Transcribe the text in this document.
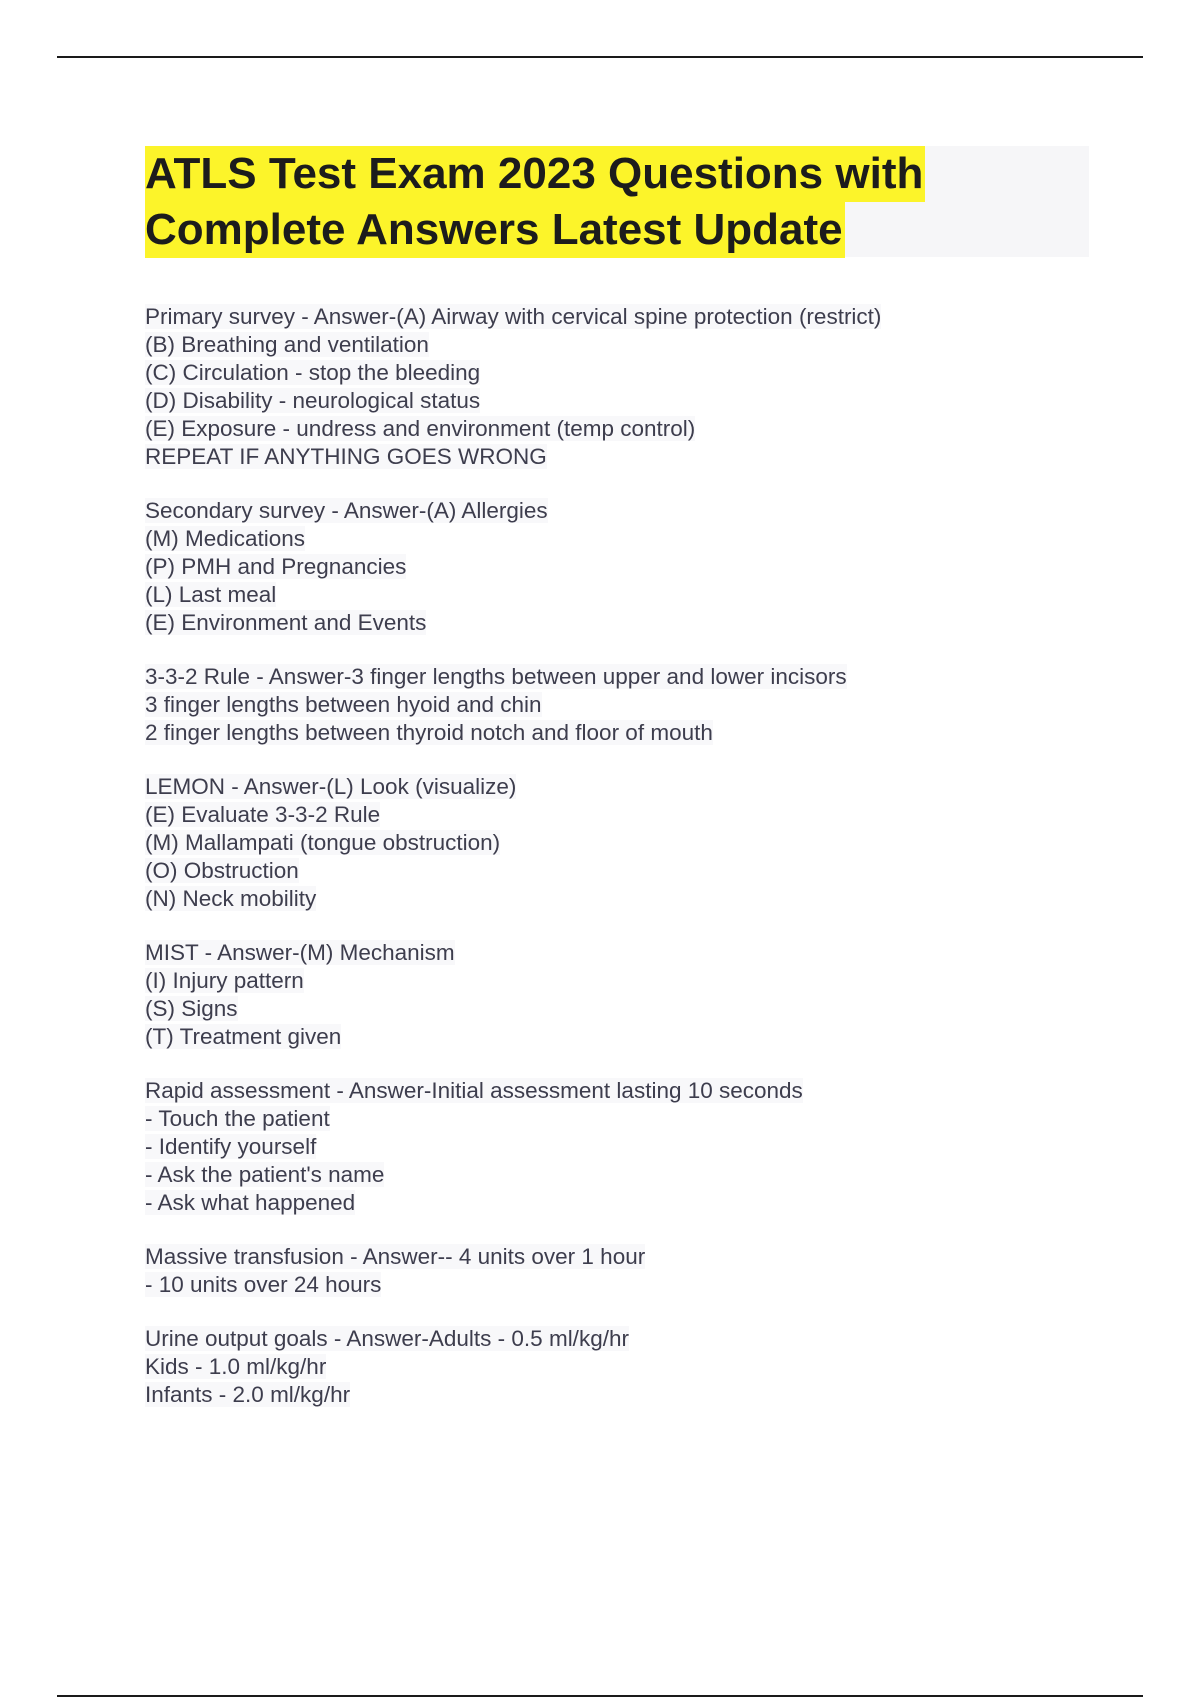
ATLS Test Exam 2023 Questions with
Complete Answers Latest Update
Primary survey - Answer-(A) Airway with cervical spine protection (restrict)
(B) Breathing and ventilation
(C) Circulation - stop the bleeding
(D) Disability - neurological status
(E) Exposure - undress and environment (temp control)
REPEAT IF ANYTHING GOES WRONG
Secondary survey - Answer-(A) Allergies
(M) Medications
(P) PMH and Pregnancies
(L) Last meal
(E) Environment and Events
3-3-2 Rule - Answer-3 finger lengths between upper and lower incisors
3 finger lengths between hyoid and chin
2 finger lengths between thyroid notch and floor of mouth
LEMON - Answer-(L) Look (visualize)
(E) Evaluate 3-3-2 Rule
(M) Mallampati (tongue obstruction)
(O) Obstruction
(N) Neck mobility
MIST - Answer-(M) Mechanism
(I) Injury pattern
(S) Signs
(T) Treatment given
Rapid assessment - Answer-Initial assessment lasting 10 seconds
- Touch the patient
- Identify yourself
- Ask the patient's name
- Ask what happened
Massive transfusion - Answer-- 4 units over 1 hour
- 10 units over 24 hours
Urine output goals - Answer-Adults - 0.5 ml/kg/hr
Kids - 1.0 ml/kg/hr
Infants - 2.0 ml/kg/hr
